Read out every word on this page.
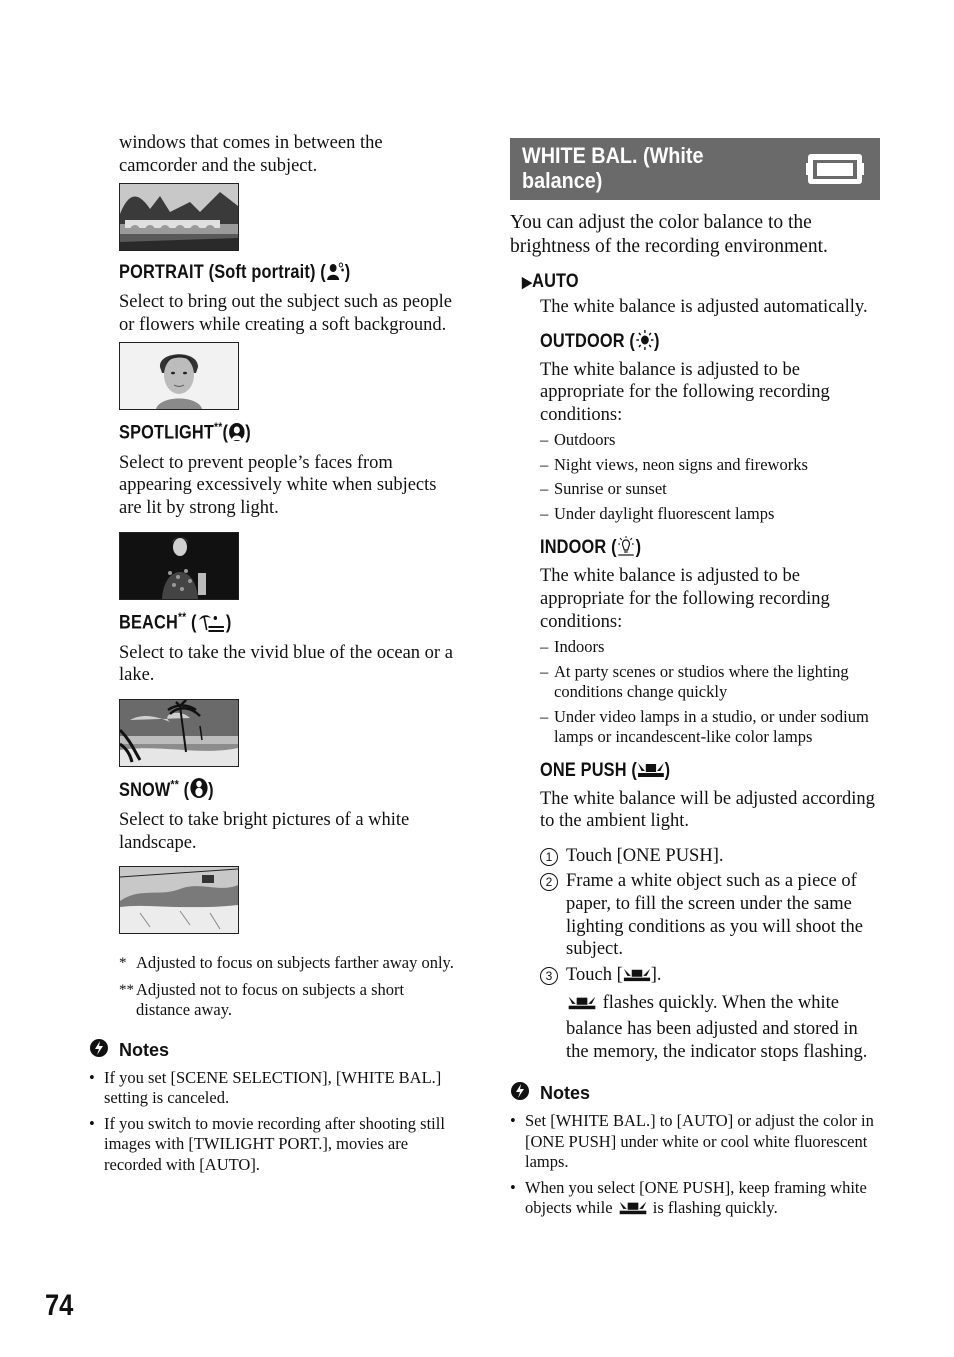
windows that comes in between the camcorder and the subject.

PORTRAIT (Soft portrait) ( )

Select to bring out the subject such as people or flowers while creating a soft background.

SPOTLIGHT**( )

Select to prevent people’s faces from appearing excessively white when subjects are lit by strong light.

BEACH** ( )

Select to take the vivid blue of the ocean or a lake.

SNOW** ( )

Select to take bright pictures of a white landscape.

* Adjusted to focus on subjects farther away only.
** Adjusted not to focus on subjects a short distance away.
Notes
• If you set [SCENE SELECTION], [WHITE BAL.] setting is canceled.
• If you switch to movie recording after shooting still images with [TWILIGHT PORT.], movies are recorded with [AUTO].
WHITE BAL. (White
balance)

You can adjust the color balance to the brightness of the recording environment.

▶AUTO

The white balance is adjusted automatically.

OUTDOOR ( )

The white balance is adjusted to be appropriate for the following recording conditions:

– Outdoors
– Night views, neon signs and fireworks
– Sunrise or sunset
– Under daylight fluorescent lamps
INDOOR ( )

The white balance is adjusted to be appropriate for the following recording conditions:

– Indoors
– At party scenes or studios where the lighting conditions change quickly
– Under video lamps in a studio, or under sodium lamps or incandescent-like color lamps
ONE PUSH ( )

The white balance will be adjusted according to the ambient light.

1 Touch [ONE PUSH].
2 Frame a white object such as a piece of paper, to fill the screen under the same lighting conditions as you will shoot the subject.
3 Touch [ ].

flashes quickly. When the white balance has been adjusted and stored in the memory, the indicator stops flashing.

Notes
• Set [WHITE BAL.] to [AUTO] or adjust the color in [ONE PUSH] under white or cool white fluorescent lamps.
• When you select [ONE PUSH], keep framing white objects while  is flashing quickly.
74
